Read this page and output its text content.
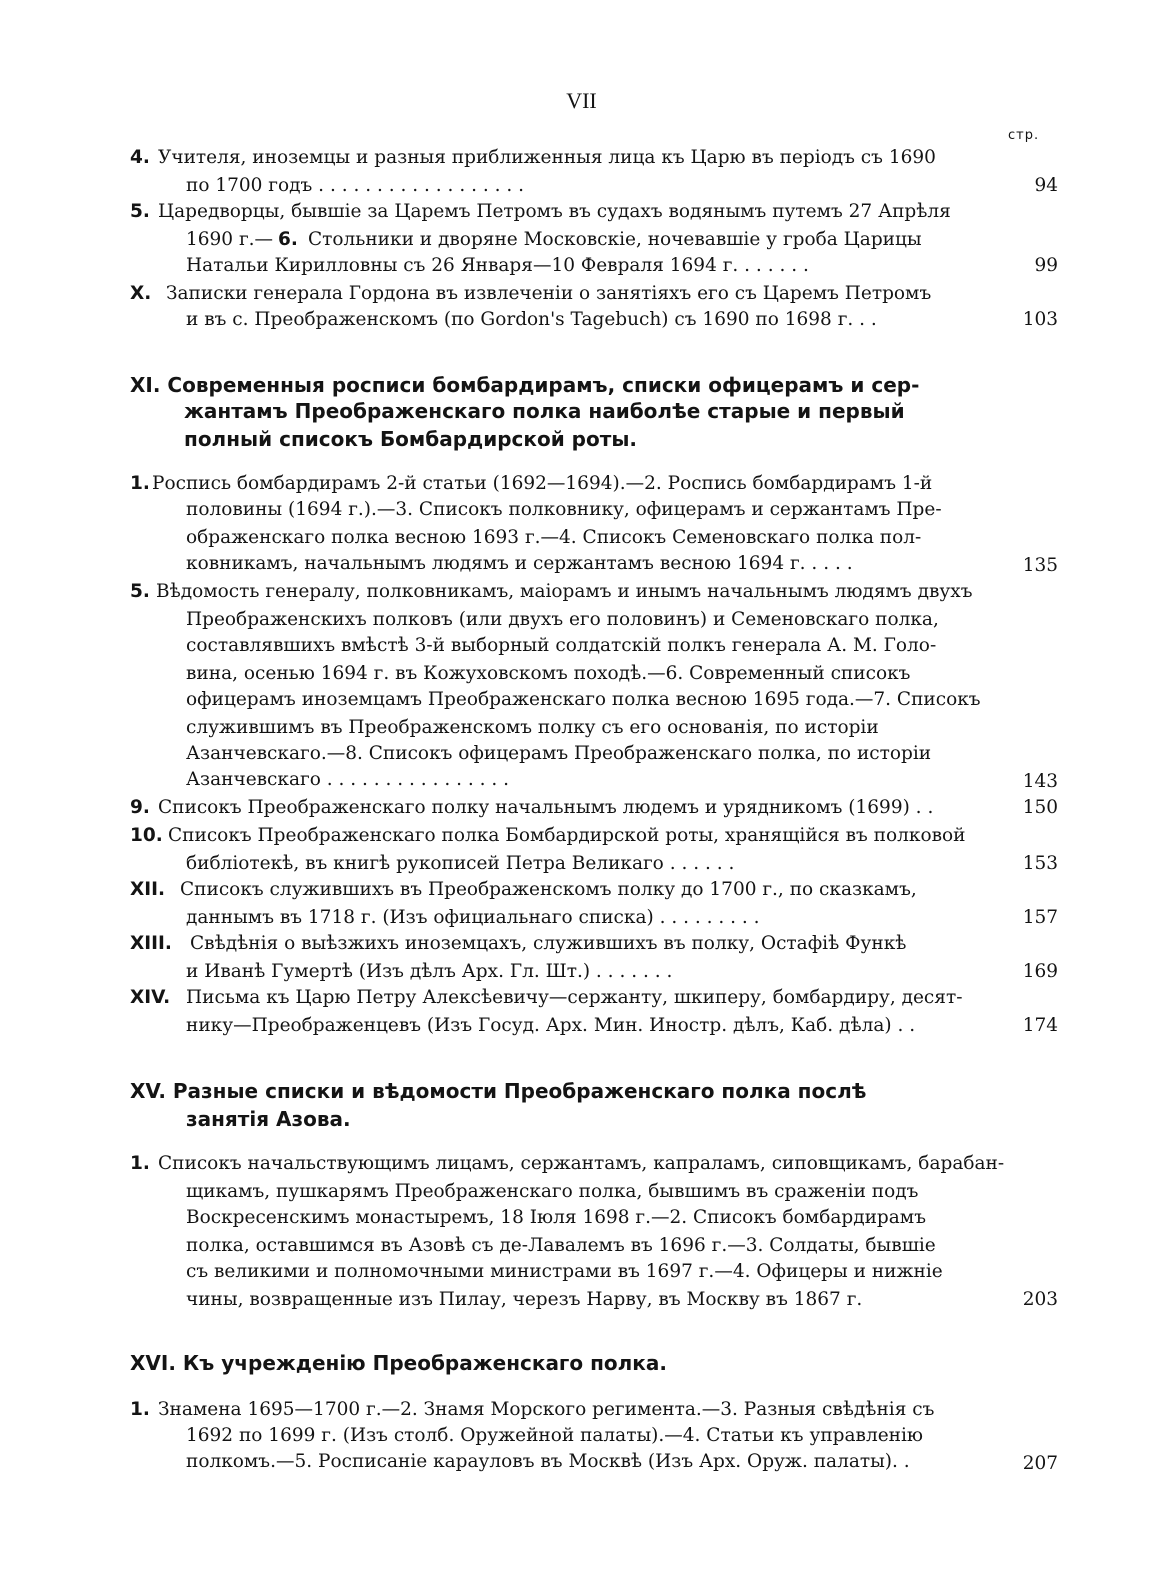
VII
стр.
4. Учителя, иноземцы и разныя приближенныя лица къ Царю въ періодъ съ 1690
по 1700 годъ . . . . . . . . . . . . . . . . . .	94
5. Царедворцы, бывшіе за Царемъ Петромъ въ судахъ водянымъ путемъ 27 Апрѣля
1690 г.— 6. Стольники и дворяне Московскіе, ночевавшіе у гроба Царицы
Натальи Кирилловны съ 26 Января—10 Февраля 1694 г. . . . . . .	99
X. Записки генерала Гордона въ извлеченіи о занятіяхъ его съ Царемъ Петромъ
и въ с. Преображенскомъ (по Gordon's Tagebuch) съ 1690 по 1698 г. . .	103
XI. Современныя росписи бомбардирамъ, списки офицерамъ и сер-
жантамъ Преображенскаго полка наиболѣе старые и первый
полный списокъ Бомбардирской роты.
1. Роспись бомбардирамъ 2-й статьи (1692—1694).—2. Роспись бомбардирамъ 1-й
половины (1694 г.).—3. Списокъ полковнику, офицерамъ и сержантамъ Пре-
ображенскаго полка весною 1693 г.—4. Списокъ Семеновскаго полка пол-
ковникамъ, начальнымъ людямъ и сержантамъ весною 1694 г. . . . .	135
5. Вѣдомость генералу, полковникамъ, маіорамъ и инымъ начальнымъ людямъ двухъ
Преображенскихъ полковъ (или двухъ его половинъ) и Семеновскаго полка,
составлявшихъ вмѣстѣ 3-й выборный солдатскій полкъ генерала А. М. Голо-
вина, осенью 1694 г. въ Кожуховскомъ походѣ.—6. Современный списокъ
офицерамъ иноземцамъ Преображенскаго полка весною 1695 года.—7. Списокъ
служившимъ въ Преображенскомъ полку съ его основанія, по исторіи
Азанчевскаго.—8. Списокъ офицерамъ Преображенскаго полка, по исторіи
Азанчевскаго . . . . . . . . . . . . . . . .	143
9. Списокъ Преображенскаго полку начальнымъ людемъ и урядникомъ (1699) . .	150
10. Списокъ Преображенскаго полка Бомбардирской роты, хранящійся въ полковой
библіотекѣ, въ книгѣ рукописей Петра Великаго . . . . . .	153
XII. Списокъ служившихъ въ Преображенскомъ полку до 1700 г., по сказкамъ,
даннымъ въ 1718 г. (Изъ официальнаго списка) . . . . . . . . .	157
XIII. Свѣдѣнія о выѣзжихъ иноземцахъ, служившихъ въ полку, Остафіѣ Функѣ
и Иванѣ Гумертѣ (Изъ дѣлъ Арх. Гл. Шт.) . . . . . . .	169
XIV. Письма къ Царю Петру Алексѣевичу—сержанту, шкиперу, бомбардиру, десят-
нику—Преображенцевъ (Изъ Госуд. Арх. Мин. Иностр. дѣлъ, Каб. дѣла) . .	174
XV. Разные списки и вѣдомости Преображенскаго полка послѣ
занятія Азова.
1. Списокъ начальствующимъ лицамъ, сержантамъ, капраламъ, сиповщикамъ, барабан-
щикамъ, пушкарямъ Преображенскаго полка, бывшимъ въ сраженіи подъ
Воскресенскимъ монастыремъ, 18 Іюля 1698 г.—2. Списокъ бомбардирамъ
полка, оставшимся въ Азовѣ съ де-Лавалемъ въ 1696 г.—3. Солдаты, бывшіе
съ великими и полномочными министрами въ 1697 г.—4. Офицеры и нижніе
чины, возвращенные изъ Пилау, черезъ Нарву, въ Москву въ 1867 г.	203
XVI. Къ учрежденію Преображенскаго полка.
1. Знамена 1695—1700 г.—2. Знамя Морского регимента.—3. Разныя свѣдѣнія съ
1692 по 1699 г. (Изъ столб. Оружейной палаты).—4. Статьи къ управленію
полкомъ.—5. Росписаніе карауловъ въ Москвѣ (Изъ Арх. Оруж. палаты). .	207
